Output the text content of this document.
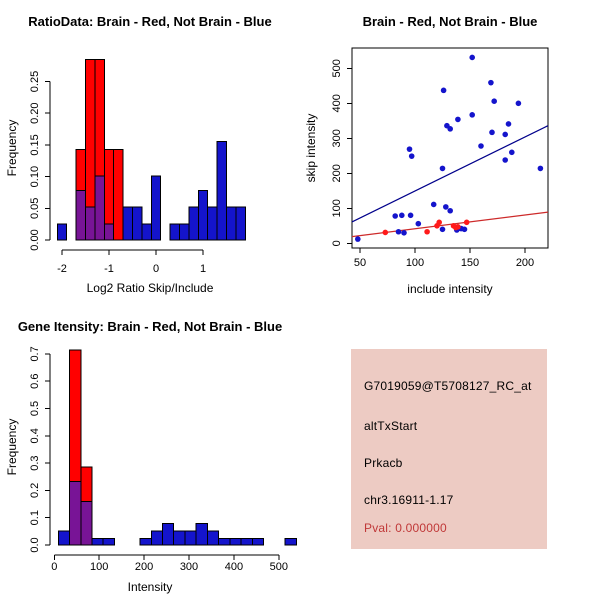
RatioData: Brain - Red, Not Brain - Blue
Log2 Ratio Skip/Include
Frequency
-2	-1	0	1
0.00
0.05
0.10
0.15
0.20
0.25
Brain - Red, Not Brain - Blue
include intensity
skip intensity
50	100	150	200
0
100
200
300
400
500
Gene Itensity: Brain - Red, Not Brain - Blue
Intensity
Frequency
0	100 200 300 400 500
0.0
0.1
0.2
0.3
0.4
0.5
0.6
0.7
G7019059@T5708127_RC_at
altTxStart
Prkacb
chr3.16911-1.17
Pval: 0.000000
